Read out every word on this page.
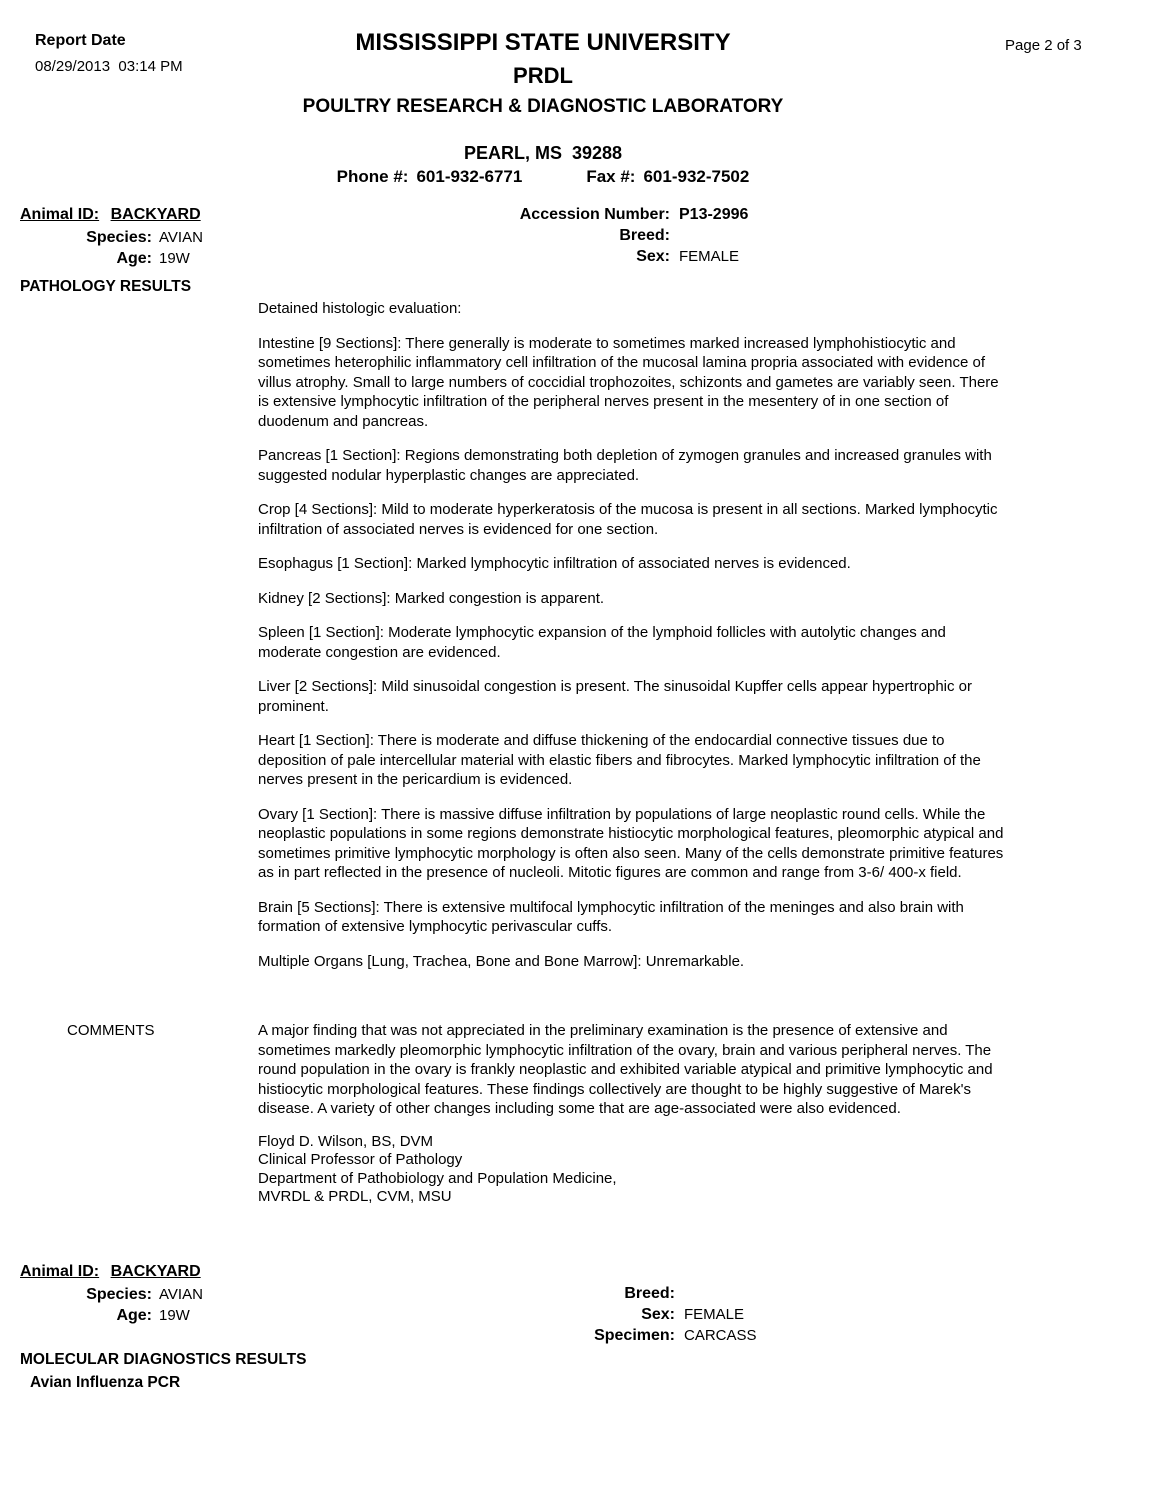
Report Date
08/29/2013  03:14 PM
Page 2 of 3
MISSISSIPPI STATE UNIVERSITY
PRDL
POULTRY RESEARCH & DIAGNOSTIC LABORATORY
PEARL, MS  39288
Phone #: 601-932-6771	Fax #: 601-932-7502
Animal ID: BACKYARD
Species: AVIAN
Age: 19W
Accession Number: P13-2996
Breed:
Sex: FEMALE
PATHOLOGY RESULTS

Detained histologic evaluation:

Intestine [9 Sections]: There generally is moderate to sometimes marked increased lymphohistiocytic and sometimes heterophilic inflammatory cell infiltration of the mucosal lamina propria associated with evidence of villus atrophy. Small to large numbers of coccidial trophozoites, schizonts and gametes are variably seen. There is extensive lymphocytic infiltration of the peripheral nerves present in the mesentery of in one section of duodenum and pancreas.

Pancreas [1 Section]: Regions demonstrating both depletion of zymogen granules and increased granules with suggested nodular hyperplastic changes are appreciated.

Crop [4 Sections]: Mild to moderate hyperkeratosis of the mucosa is present in all sections. Marked lymphocytic infiltration of associated nerves is evidenced for one section.

Esophagus [1 Section]: Marked lymphocytic infiltration of associated nerves is evidenced.

Kidney [2 Sections]: Marked congestion is apparent.

Spleen [1 Section]: Moderate lymphocytic expansion of the lymphoid follicles with autolytic changes and moderate congestion are evidenced.

Liver [2 Sections]: Mild sinusoidal congestion is present. The sinusoidal Kupffer cells appear hypertrophic or prominent.

Heart [1 Section]: There is moderate and diffuse thickening of the endocardial connective tissues due to deposition of pale intercellular material with elastic fibers and fibrocytes. Marked lymphocytic infiltration of the nerves present in the pericardium is evidenced.

Ovary [1 Section]: There is massive diffuse infiltration by populations of large neoplastic round cells. While the neoplastic populations in some regions demonstrate histiocytic morphological features, pleomorphic atypical and sometimes primitive lymphocytic morphology is often also seen. Many of the cells demonstrate primitive features as in part reflected in the presence of nucleoli. Mitotic figures are common and range from 3-6/ 400-x field.

Brain [5 Sections]: There is extensive multifocal lymphocytic infiltration of the meninges and also brain with formation of extensive lymphocytic perivascular cuffs.

Multiple Organs [Lung, Trachea, Bone and Bone Marrow]: Unremarkable.

COMMENTS	A major finding that was not appreciated in the preliminary examination is the presence of extensive and sometimes markedly pleomorphic lymphocytic infiltration of the ovary, brain and various peripheral nerves. The round population in the ovary is frankly neoplastic and exhibited variable atypical and primitive lymphocytic and histiocytic morphological features. These findings collectively are thought to be highly suggestive of Marek's disease. A variety of other changes including some that are age-associated were also evidenced.
Floyd D. Wilson, BS, DVM
Clinical Professor of Pathology
Department of Pathobiology and Population Medicine,
MVRDL & PRDL, CVM, MSU
Animal ID: BACKYARD
Species: AVIAN
Age: 19W
Breed:
Sex: FEMALE
Specimen: CARCASS
MOLECULAR DIAGNOSTICS RESULTS
Avian Influenza PCR
